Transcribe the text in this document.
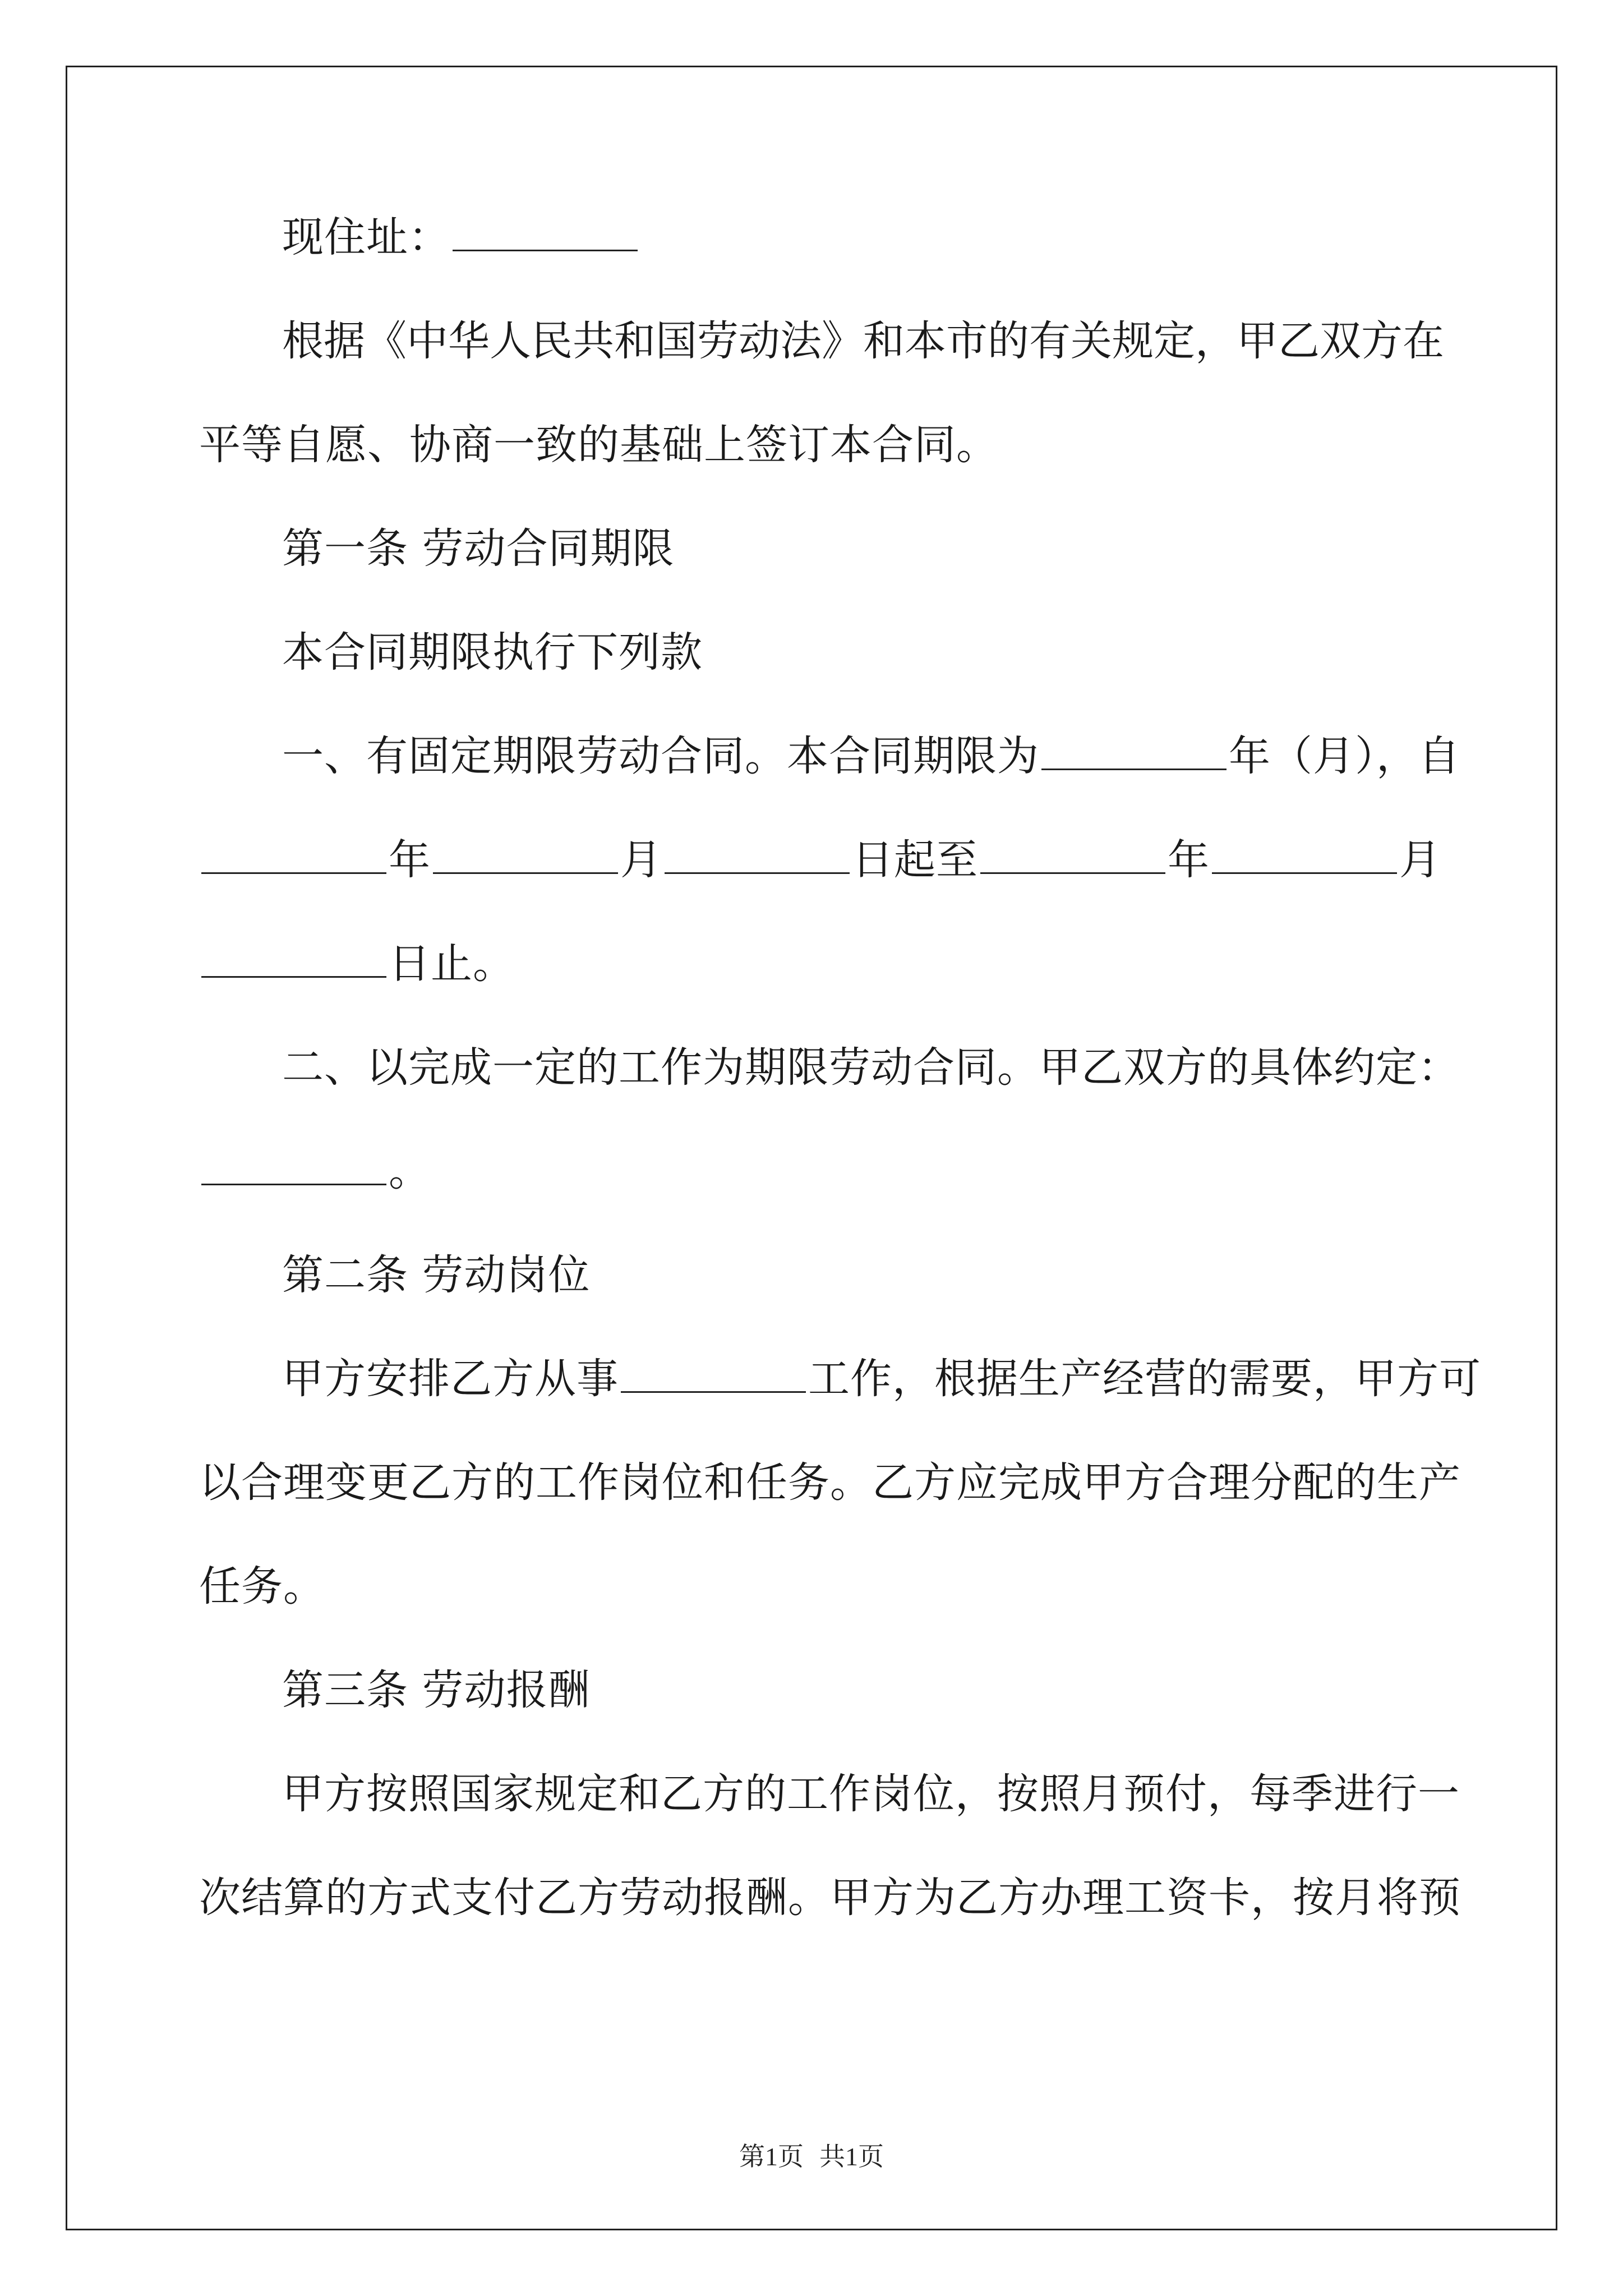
现住址：
根据《中华人民共和国劳动法》和本市的有关规定，甲乙双方在
平等自愿、协商一致的基础上签订本合同。
第一条 劳动合同期限
本合同期限执行下列款
一、有固定期限劳动合同。本合同期限为	年（月），自
年	月	日起至	年	月
日止。
二、以完成一定的工作为期限劳动合同。甲乙双方的具体约定：
。
第二条 劳动岗位
甲方安排乙方从事	工作，根据生产经营的需要，甲方可
以合理变更乙方的工作岗位和任务。乙方应完成甲方合理分配的生产
任务。
第三条 劳动报酬
甲方按照国家规定和乙方的工作岗位，按照月预付，每季进行一
次结算的方式支付乙方劳动报酬。甲方为乙方办理工资卡，按月将预
第1页 共1页
